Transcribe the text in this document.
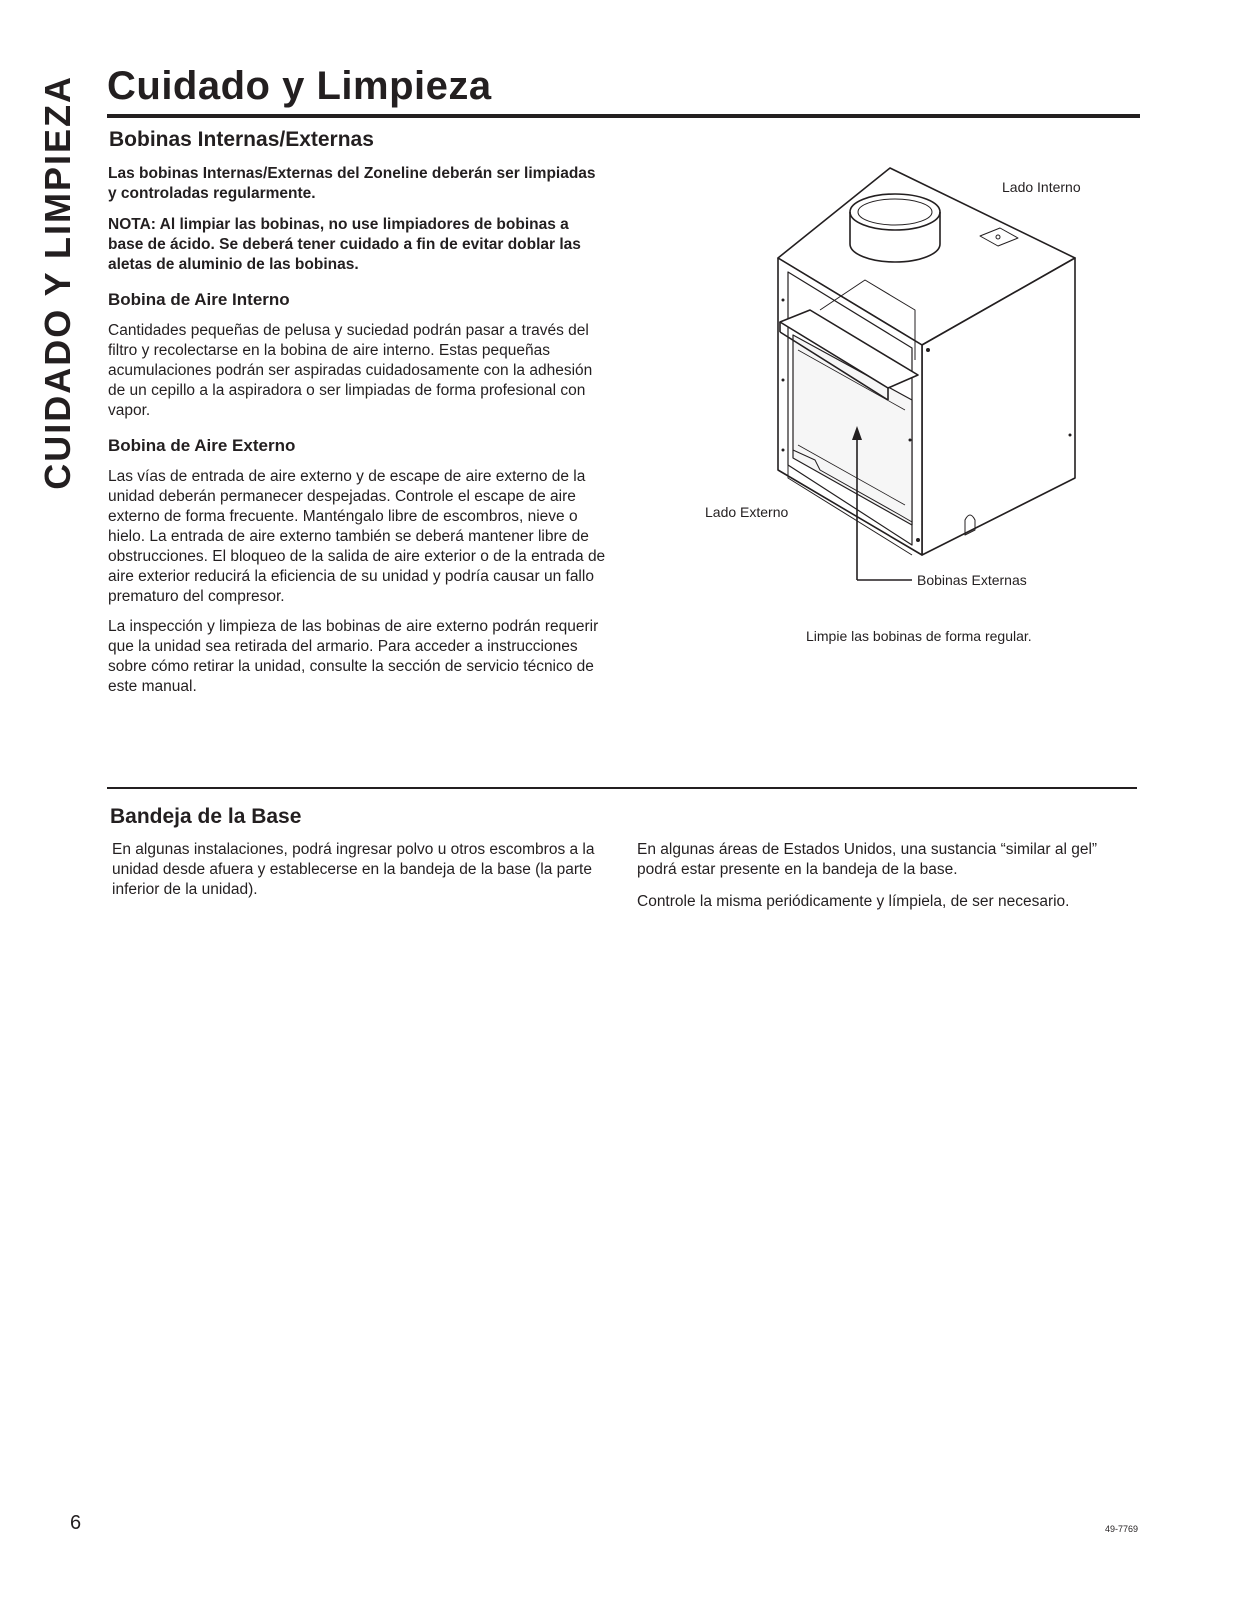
CUIDADO Y LIMPIEZA Cuidado y Limpieza
Bobinas Internas/Externas

Las bobinas Internas/Externas del Zoneline deberán ser limpiadas y controladas regularmente.

NOTA: Al limpiar las bobinas, no use limpiadores de bobinas a base de ácido. Se deberá tener cuidado a fin de evitar doblar las aletas de aluminio de las bobinas.

Bobina de Aire Interno

Cantidades pequeñas de pelusa y suciedad podrán pasar a través del filtro y recolectarse en la bobina de aire interno. Estas pequeñas acumulaciones podrán ser aspiradas cuidadosamente con la adhesión de un cepillo a la aspiradora o ser limpiadas de forma profesional con vapor.

Bobina de Aire Externo

Las vías de entrada de aire externo y de escape de aire externo de la unidad deberán permanecer despejadas. Controle el escape de aire externo de forma frecuente. Manténgalo libre de escombros, nieve o hielo. La entrada de aire externo también se deberá mantener libre de obstrucciones. El bloqueo de la salida de aire exterior o de la entrada de aire exterior reducirá la eficiencia de su unidad y podría causar un fallo prematuro del compresor.

La inspección y limpieza de las bobinas de aire externo podrán requerir que la unidad sea retirada del armario. Para acceder a instrucciones sobre cómo retirar la unidad, consulte la sección de servicio técnico de este manual.

Lado Interno
Lado Externo
Bobinas Externas
Limpie las bobinas de forma regular.
Bandeja de la Base

En algunas instalaciones, podrá ingresar polvo u otros escombros a la unidad desde afuera y establecerse en la bandeja de la base (la parte inferior de la unidad).

En algunas áreas de Estados Unidos, una sustancia “similar al gel” podrá estar presente en la bandeja de la base.

Controle la misma periódicamente y límpiela, de ser necesario.

6	49-7769
